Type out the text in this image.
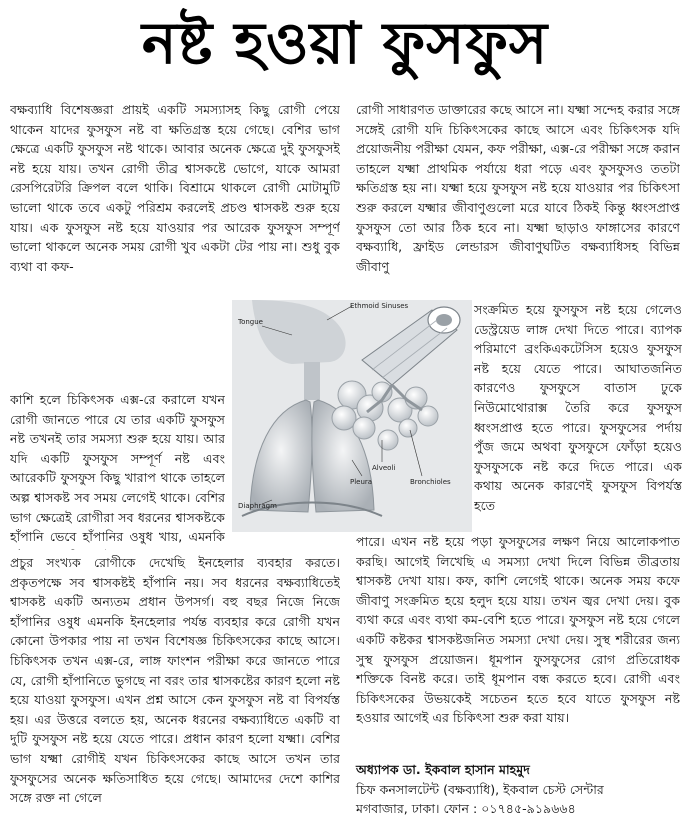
নষ্ট হওয়া ফুসফুস

বক্ষব্যাধি বিশেষজ্ঞরা প্রায়ই একটি সমস্যাসহ কিছু রোগী পেয়ে থাকেন যাদের ফুসফুস নষ্ট বা ক্ষতিগ্রস্ত হয়ে গেছে। বেশির ভাগ ক্ষেত্রে একটি ফুসফুস নষ্ট থাকে। আবার অনেক ক্ষেত্রে দুই ফুসফুসই নষ্ট হয়ে যায়। তখন রোগী তীব্র শ্বাসকষ্টে ভোগে, যাকে আমরা রেসপিরেটরি ক্রিপল বলে থাকি। বিশ্রামে থাকলে রোগী মোটামুটি ভালো থাকে তবে একটু পরিশ্রম করলেই প্রচণ্ড শ্বাসকষ্ট শুরু হয়ে যায়। এক ফুসফুস নষ্ট হয়ে যাওয়ার পর আরেক ফুসফুস সম্পূর্ণ ভালো থাকলে অনেক সময় রোগী খুব একটা টের পায় না। শুধু বুক ব্যথা বা কফ-

কাশি হলে চিকিৎসক এক্স-রে করালে যখন রোগী জানতে পারে যে তার একটি ফুসফুস নষ্ট তখনই তার সমস্যা শুরু হয়ে যায়। আর যদি একটি ফুসফুস সম্পূর্ণ নষ্ট এবং আরেকটি ফুসফুস কিছু খারাপ থাকে তাহলে অল্প শ্বাসকষ্ট সব সময় লেগেই থাকে। বেশির ভাগ ক্ষেত্রেই রোগীরা সব ধরনের শ্বাসকষ্টকে হাঁপানি ভেবে হাঁপানির ওষুধ খায়, এমনকি

প্রচুর সংখ্যক রোগীকে দেখেছি ইনহেলার ব্যবহার করতে। প্রকৃতপক্ষে সব শ্বাসকষ্টই হাঁপানি নয়। সব ধরনের বক্ষব্যাধিতেই শ্বাসকষ্ট একটি অন্যতম প্রধান উপসর্গ। বহু বছর নিজে নিজে হাঁপানির ওষুধ এমনকি ইনহেলার পর্যন্ত ব্যবহার করে রোগী যখন কোনো উপকার পায় না তখন বিশেষজ্ঞ চিকিৎসকের কাছে আসে। চিকিৎসক তখন এক্স-রে, লাঙ্গ ফাংশন পরীক্ষা করে জানতে পারে যে, রোগী হাঁপানিতে ভুগছে না বরং তার শ্বাসকষ্টের কারণ হলো নষ্ট হয়ে যাওয়া ফুসফুস। এখন প্রশ্ন আসে কেন ফুসফুস নষ্ট বা বিপর্যস্ত হয়। এর উত্তরে বলতে হয়, অনেক ধরনের বক্ষব্যাধিতে একটি বা দুটি ফুসফুস নষ্ট হয়ে যেতে পারে। প্রধান কারণ হলো যক্ষ্মা। বেশির ভাগ যক্ষ্মা রোগীই যখন চিকিৎসকের কাছে আসে তখন তার ফুসফুসের অনেক ক্ষতিসাধিত হয়ে গেছে। আমাদের দেশে কাশির সঙ্গে রক্ত না গেলে

রোগী সাধারণত ডাক্তারের কছে আসে না। যক্ষ্মা সন্দেহ করার সঙ্গে সঙ্গেই রোগী যদি চিকিৎসকের কাছে আসে এবং চিকিৎসক যদি প্রয়োজনীয় পরীক্ষা যেমন, কফ পরীক্ষা, এক্স-রে পরীক্ষা সঙ্গে করান তাহলে যক্ষ্মা প্রাথমিক পর্যায়ে ধরা পড়ে এবং ফুসফুসও ততটা ক্ষতিগ্রস্ত হয় না। যক্ষ্মা হয়ে ফুসফুস নষ্ট হয়ে যাওয়ার পর চিকিৎসা শুরু করলে যক্ষ্মার জীবাণুগুলো মরে যাবে ঠিকই কিন্তু ধ্বংসপ্রাপ্ত ফুসফুস তো আর ঠিক হবে না। যক্ষ্মা ছাড়াও ফাঙ্গাসের কারণে বক্ষব্যাধি, ফ্রাইড লেন্ডারস জীবাণুঘটিত বক্ষব্যাধিসহ বিভিন্ন জীবাণু

সংক্রমিত হয়ে ফুসফুস নষ্ট হয়ে গেলেও ডেস্ট্রয়েড লাঙ্গ দেখা দিতে পারে। ব্যাপক পরিমাণে ব্রংকিএকটেসিস হয়েও ফুসফুস নষ্ট হয়ে যেতে পারে। আঘাতজনিত কারণেও ফুসফুসে বাতাস ঢুকে নিউমোথোরাক্স তৈরি করে ফুসফুস ধ্বংসপ্রাপ্ত হতে পারে। ফুসফুসের পর্দায় পুঁজ জমে অথবা ফুসফুসে ফোঁড়া হয়েও ফুসফুসকে নষ্ট করে দিতে পারে। এক কথায় অনেক কারণেই ফুসফুস বিপর্যস্ত হতে

পারে। এখন নষ্ট হয়ে পড়া ফুসফুসের লক্ষণ নিয়ে আলোকপাত করছি। আগেই লিখেছি এ সমস্যা দেখা দিলে বিভিন্ন তীব্রতায় শ্বাসকষ্ট দেখা যায়। কফ, কাশি লেগেই থাকে। অনেক সময় কফে জীবাণু সংক্রমিত হয়ে হলুদ হয়ে যায়। তখন জ্বর দেখা দেয়। বুক ব্যথা করে এবং ব্যথা কম-বেশি হতে পারে। ফুসফুস নষ্ট হয়ে গেলে একটি কষ্টকর শ্বাসকষ্টজনিত সমস্যা দেখা দেয়। সুস্থ শরীরের জন্য সুস্থ ফুসফুস প্রয়োজন। ধূমপান ফুসফুসের রোগ প্রতিরোধক শক্তিকে বিনষ্ট করে। তাই ধূমপান বন্ধ করতে হবে। রোগী এবং চিকিৎসকের উভয়কেই সচেতন হতে হবে যাতে ফুসফুস নষ্ট হওয়ার আগেই এর চিকিৎসা শুরু করা যায়।

Tongue
Ethmoid Sinuses
Alveoli
Pleura	Bronchioles
Diaphragm
অধ্যাপক ডা. ইকবাল হাসান মাহমুদ
চিফ কনসালটেন্ট (বক্ষব্যাধি), ইকবাল চেস্ট সেন্টার
মগবাজার, ঢাকা। ফোন : ০১৭৪৫-৯১৯৬৬৪
